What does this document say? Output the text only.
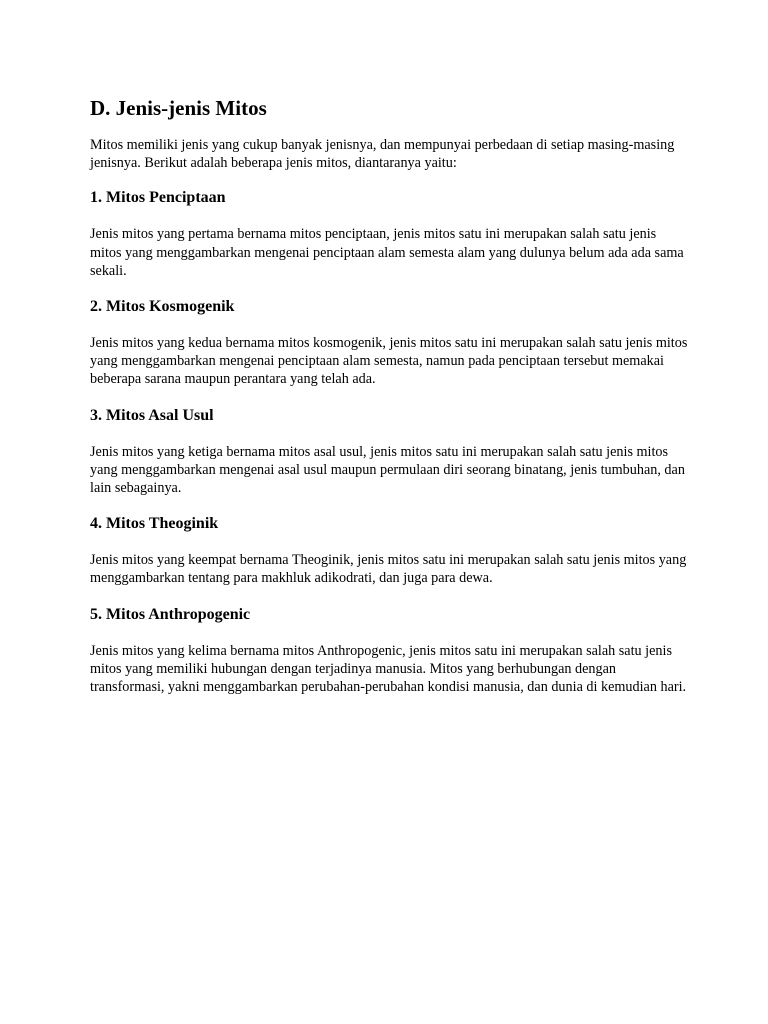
D. Jenis-jenis Mitos

Mitos memiliki jenis yang cukup banyak jenisnya, dan mempunyai perbedaan di setiap masing-masing jenisnya. Berikut adalah beberapa jenis mitos, diantaranya yaitu:

1. Mitos Penciptaan

Jenis mitos yang pertama bernama mitos penciptaan, jenis mitos satu ini merupakan salah satu jenis mitos yang menggambarkan mengenai penciptaan alam semesta alam yang dulunya belum ada ada sama sekali.

2. Mitos Kosmogenik

Jenis mitos yang kedua bernama mitos kosmogenik, jenis mitos satu ini merupakan salah satu jenis mitos yang menggambarkan mengenai penciptaan alam semesta, namun pada penciptaan tersebut memakai beberapa sarana maupun perantara yang telah ada.

3. Mitos Asal Usul

Jenis mitos yang ketiga bernama mitos asal usul, jenis mitos satu ini merupakan salah satu jenis mitos yang menggambarkan mengenai asal usul maupun permulaan diri seorang binatang, jenis tumbuhan, dan lain sebagainya.

4. Mitos Theoginik

Jenis mitos yang keempat bernama Theoginik, jenis mitos satu ini merupakan salah satu jenis mitos yang menggambarkan tentang para makhluk adikodrati, dan juga para dewa.

5. Mitos Anthropogenic

Jenis mitos yang kelima bernama mitos Anthropogenic, jenis mitos satu ini merupakan salah satu jenis mitos yang memiliki hubungan dengan terjadinya manusia. Mitos yang berhubungan dengan transformasi, yakni menggambarkan perubahan-perubahan kondisi manusia, dan dunia di kemudian hari.
